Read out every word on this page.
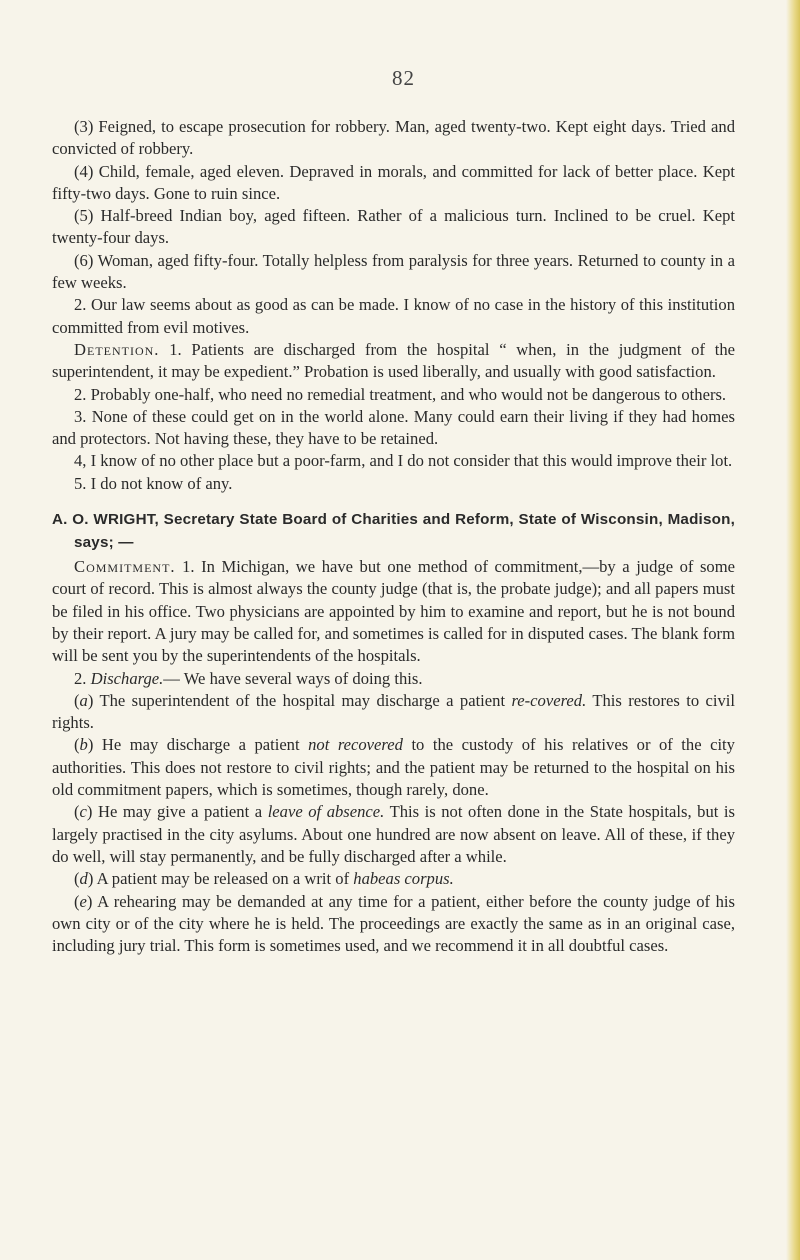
82

(3) Feigned, to escape prosecution for robbery. Man, aged twenty-two. Kept eight days. Tried and convicted of robbery.

(4) Child, female, aged eleven. Depraved in morals, and committed for lack of better place. Kept fifty-two days. Gone to ruin since.

(5) Half-breed Indian boy, aged fifteen. Rather of a malicious turn. Inclined to be cruel. Kept twenty-four days.

(6) Woman, aged fifty-four. Totally helpless from paralysis for three years. Returned to county in a few weeks.

2. Our law seems about as good as can be made. I know of no case in the history of this institution committed from evil motives.

Detention. 1. Patients are discharged from the hospital “ when, in the judgment of the superintendent, it may be expedient.” Probation is used liberally, and usually with good satisfaction.

2. Probably one-half, who need no remedial treatment, and who would not be dangerous to others.

3. None of these could get on in the world alone. Many could earn their living if they had homes and protectors. Not having these, they have to be retained.

4, I know of no other place but a poor-farm, and I do not consider that this would improve their lot.

5. I do not know of any.

A. O. WRIGHT, Secretary State Board of Charities and Reform, State of Wisconsin, Madison, says; —

Commitment. 1. In Michigan, we have but one method of commitment,—by a judge of some court of record. This is almost always the county judge (that is, the probate judge); and all papers must be filed in his office. Two physicians are appointed by him to examine and report, but he is not bound by their report. A jury may be called for, and sometimes is called for in disputed cases. The blank form will be sent you by the superintendents of the hospitals.

2. Discharge.— We have several ways of doing this.

(a) The superintendent of the hospital may discharge a patient re-covered. This restores to civil rights.

(b) He may discharge a patient not recovered to the custody of his relatives or of the city authorities. This does not restore to civil rights; and the patient may be returned to the hospital on his old commitment papers, which is sometimes, though rarely, done.

(c) He may give a patient a leave of absence. This is not often done in the State hospitals, but is largely practised in the city asylums. About one hundred are now absent on leave. All of these, if they do well, will stay permanently, and be fully discharged after a while.

(d) A patient may be released on a writ of habeas corpus.

(e) A rehearing may be demanded at any time for a patient, either before the county judge of his own city or of the city where he is held. The proceedings are exactly the same as in an original case, including jury trial. This form is sometimes used, and we recommend it in all doubtful cases.
